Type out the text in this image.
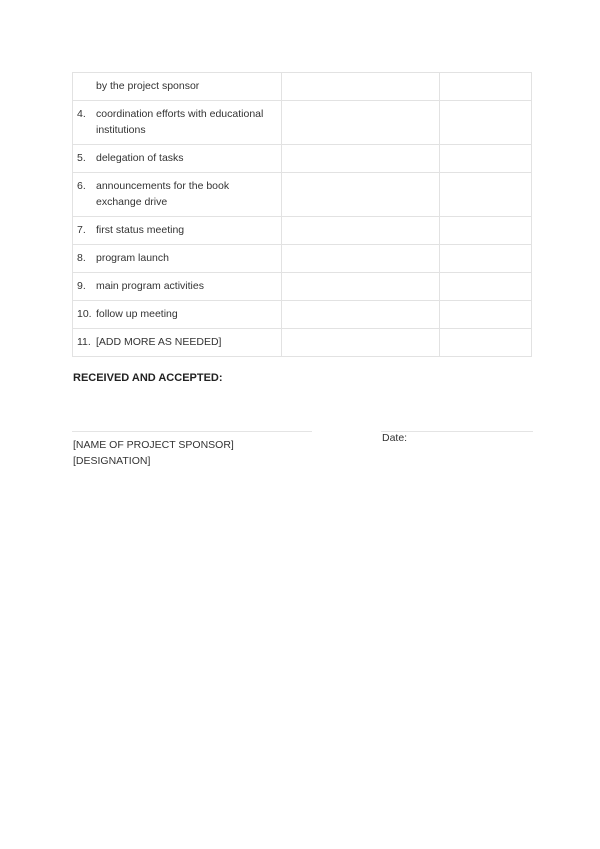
by the project sponsor		

4. coordination efforts with educational institutions		

5. delegation of tasks		

6. announcements for the book exchange drive		

7. first status meeting		

8. program launch		

9. main program activities		

10. follow up meeting		

11. [ADD MORE AS NEEDED]		

RECEIVED AND ACCEPTED:
[NAME OF PROJECT SPONSOR]
[DESIGNATION]
Date:
